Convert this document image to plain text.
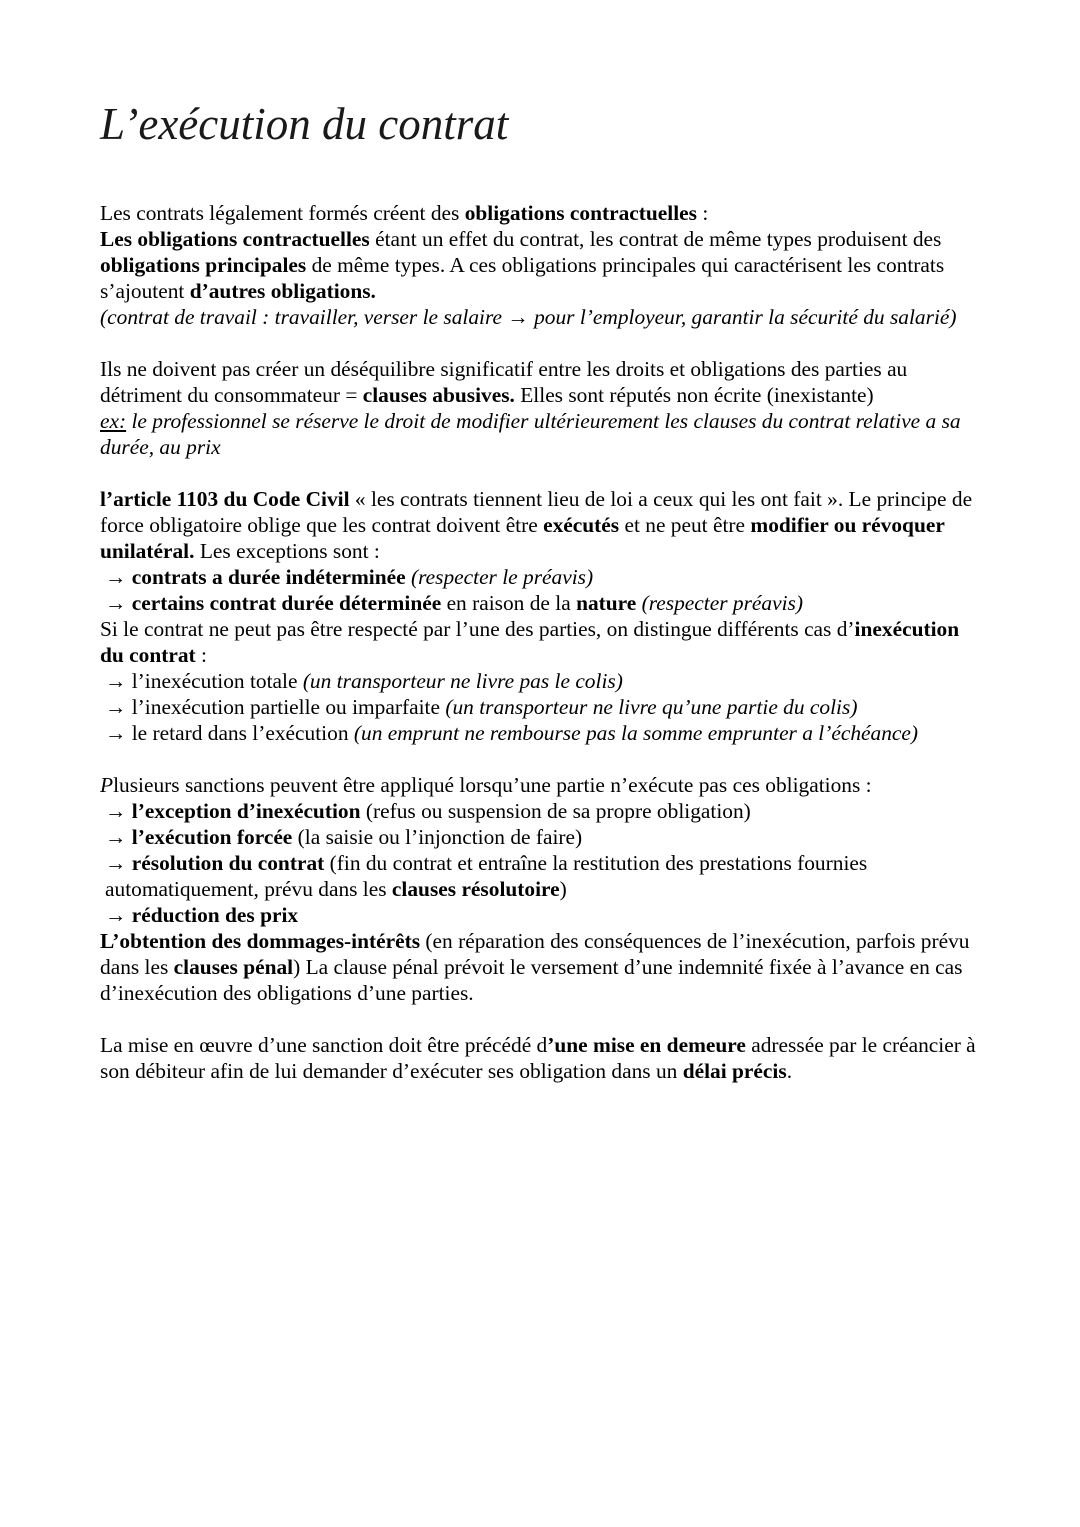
L’exécution du contrat

Les contrats légalement formés créent des obligations contractuelles :

Les obligations contractuelles étant un effet du contrat, les contrat de même types produisent des obligations principales de même types. A ces obligations principales qui caractérisent les contrats s’ajoutent d’autres obligations.

(contrat de travail : travailler, verser le salaire → pour l’employeur, garantir la sécurité du salarié)

Ils ne doivent pas créer un déséquilibre significatif entre les droits et obligations des parties au détriment du consommateur = clauses abusives. Elles sont réputés non écrite (inexistante)

ex: le professionnel se réserve le droit de modifier ultérieurement les clauses du contrat relative a sa durée, au prix

l’article 1103 du Code Civil « les contrats tiennent lieu de loi a ceux qui les ont fait ». Le principe de force obligatoire oblige que les contrat doivent être exécutés et ne peut être modifier ou révoquer unilatéral. Les exceptions sont :

→ contrats a durée indéterminée (respecter le préavis)

→ certains contrat durée déterminée en raison de la nature (respecter préavis)

Si le contrat ne peut pas être respecté par l’une des parties, on distingue différents cas d’inexécution du contrat :

→ l’inexécution totale (un transporteur ne livre pas le colis)

→ l’inexécution partielle ou imparfaite (un transporteur ne livre qu’une partie du colis)

→ le retard dans l’exécution (un emprunt ne rembourse pas la somme emprunter a l’échéance)

Plusieurs sanctions peuvent être appliqué lorsqu’une partie n’exécute pas ces obligations :

→ l’exception d’inexécution (refus ou suspension de sa propre obligation)

→ l’exécution forcée (la saisie ou l’injonction de faire)

→ résolution du contrat (fin du contrat et entraîne la restitution des prestations fournies automatiquement, prévu dans les clauses résolutoire)

→ réduction des prix

L’obtention des dommages-intérêts (en réparation des conséquences de l’inexécution, parfois prévu dans les clauses pénal) La clause pénal prévoit le versement d’une indemnité fixée à l’avance en cas d’inexécution des obligations d’une parties.

La mise en œuvre d’une sanction doit être précédé d’une mise en demeure adressée par le créancier à son débiteur afin de lui demander d’exécuter ses obligation dans un délai précis.
